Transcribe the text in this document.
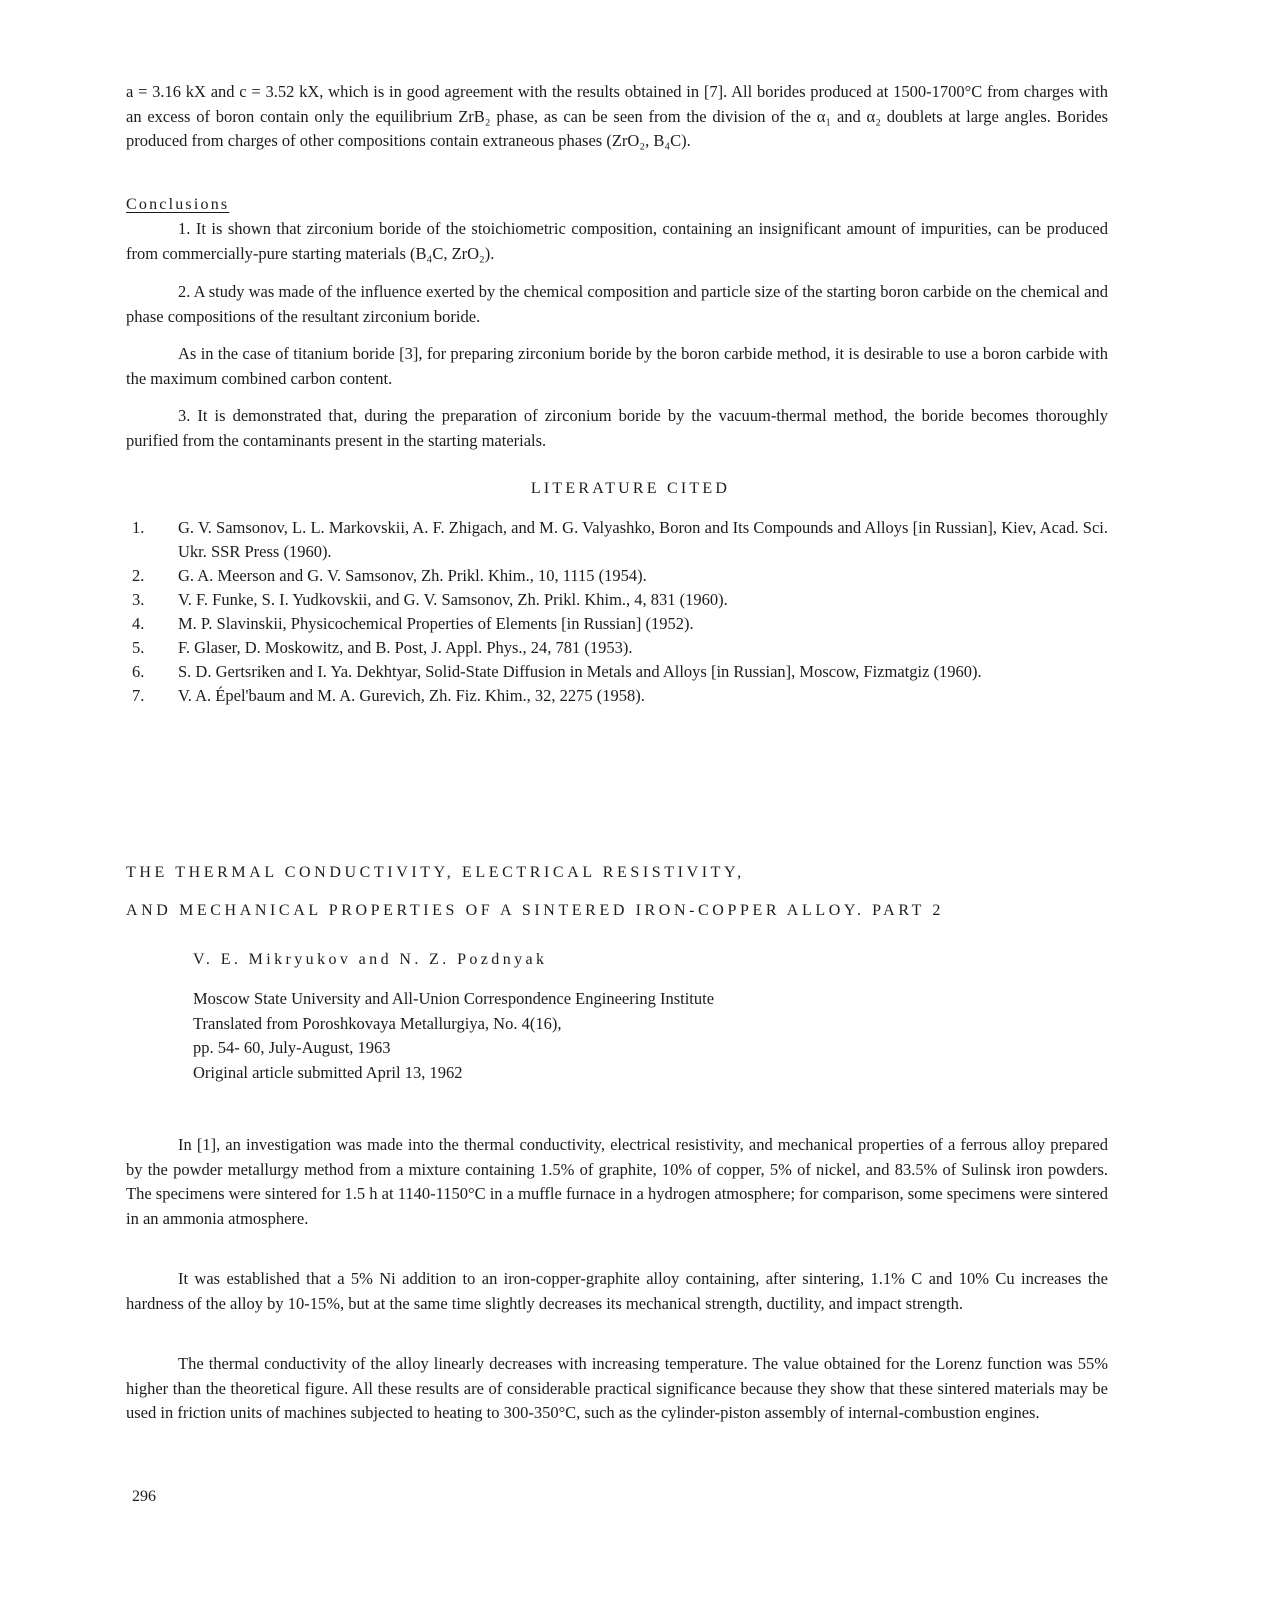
a = 3.16 kX and c = 3.52 kX, which is in good agreement with the results obtained in [7]. All borides produced at 1500-1700°C from charges with an excess of boron contain only the equilibrium ZrB₂ phase, as can be seen from the division of the α₁ and α₂ doublets at large angles. Borides produced from charges of other compositions contain extraneous phases (ZrO₂, B₄C).

Conclusions

1. It is shown that zirconium boride of the stoichiometric composition, containing an insignificant amount of impurities, can be produced from commercially-pure starting materials (B₄C, ZrO₂).

2. A study was made of the influence exerted by the chemical composition and particle size of the starting boron carbide on the chemical and phase compositions of the resultant zirconium boride.

As in the case of titanium boride [3], for preparing zirconium boride by the boron carbide method, it is desirable to use a boron carbide with the maximum combined carbon content.

3. It is demonstrated that, during the preparation of zirconium boride by the vacuum-thermal method, the boride becomes thoroughly purified from the contaminants present in the starting materials.

LITERATURE CITED

1.	G. V. Samsonov, L. L. Markovskii, A. F. Zhigach, and M. G. Valyashko, Boron and Its Compounds and Alloys [in Russian], Kiev, Acad. Sci. Ukr. SSR Press (1960).
2.	G. A. Meerson and G. V. Samsonov, Zh. Prikl. Khim., 10, 1115 (1954).
3.	V. F. Funke, S. I. Yudkovskii, and G. V. Samsonov, Zh. Prikl. Khim., 4, 831 (1960).
4.	M. P. Slavinskii, Physicochemical Properties of Elements [in Russian] (1952).
5.	F. Glaser, D. Moskowitz, and B. Post, J. Appl. Phys., 24, 781 (1953).
6.	S. D. Gertsriken and I. Ya. Dekhtyar, Solid-State Diffusion in Metals and Alloys [in Russian], Moscow, Fizmatgiz (1960).
7.	V. A. Épel'baum and M. A. Gurevich, Zh. Fiz. Khim., 32, 2275 (1958).

THE THERMAL CONDUCTIVITY, ELECTRICAL RESISTIVITY,

AND MECHANICAL PROPERTIES OF A SINTERED IRON-COPPER ALLOY. PART 2

V. E. Mikryukov and N. Z. Pozdnyak

Moscow State University and All-Union Correspondence Engineering Institute
Translated from Poroshkovaya Metallurgiya, No. 4(16),
pp. 54- 60, July-August, 1963
Original article submitted April 13, 1962

In [1], an investigation was made into the thermal conductivity, electrical resistivity, and mechanical properties of a ferrous alloy prepared by the powder metallurgy method from a mixture containing 1.5% of graphite, 10% of copper, 5% of nickel, and 83.5% of Sulinsk iron powders. The specimens were sintered for 1.5 h at 1140-1150°C in a muffle furnace in a hydrogen atmosphere; for comparison, some specimens were sintered in an ammonia atmosphere.

It was established that a 5% Ni addition to an iron-copper-graphite alloy containing, after sintering, 1.1% C and 10% Cu increases the hardness of the alloy by 10-15%, but at the same time slightly decreases its mechanical strength, ductility, and impact strength.

The thermal conductivity of the alloy linearly decreases with increasing temperature. The value obtained for the Lorenz function was 55% higher than the theoretical figure. All these results are of considerable practical significance because they show that these sintered materials may be used in friction units of machines subjected to heating to 300-350°C, such as the cylinder-piston assembly of internal-combustion engines.

296
